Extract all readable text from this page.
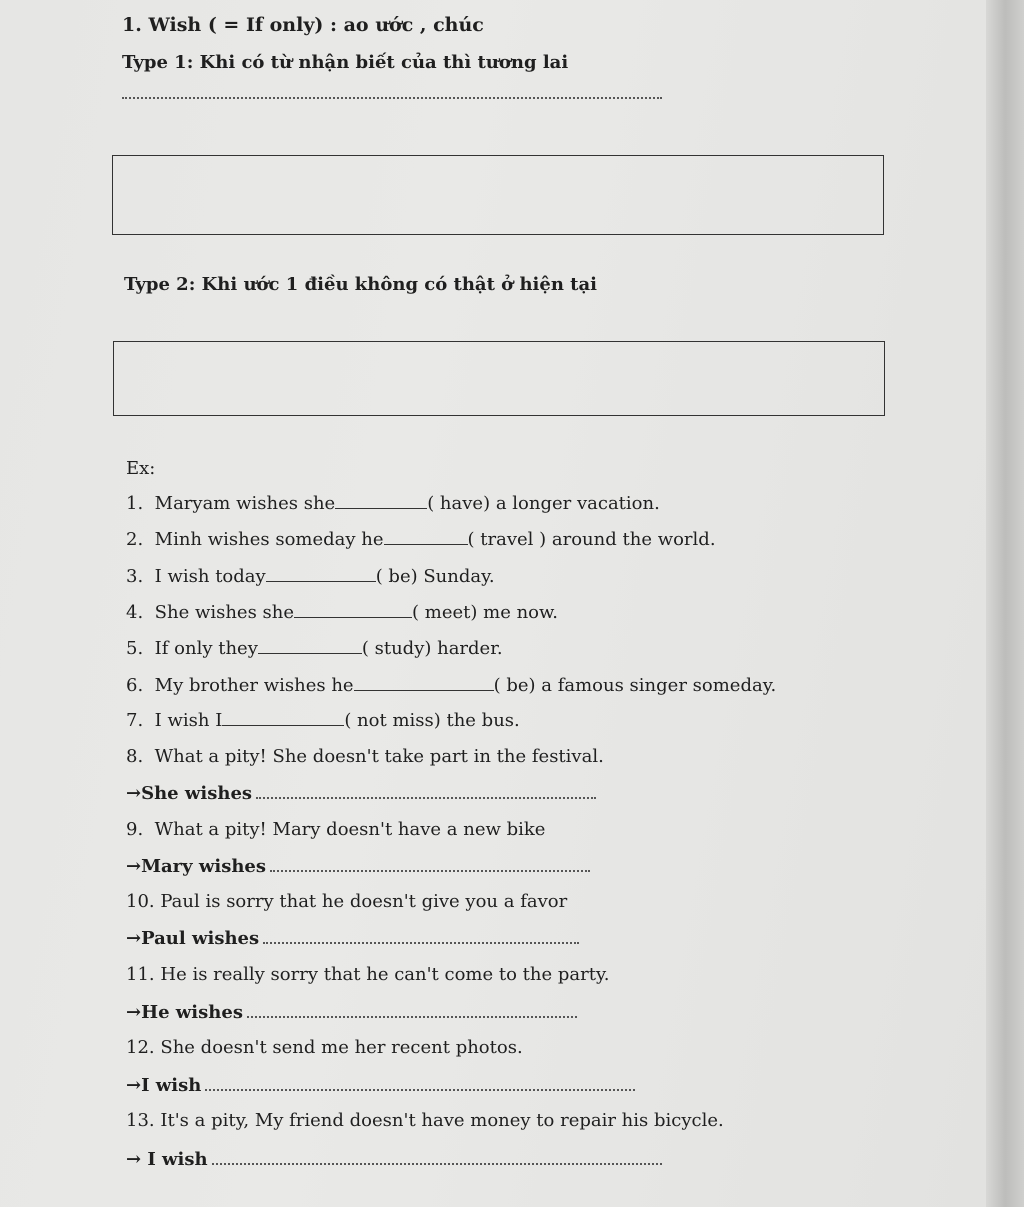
1. Wish ( = If only) : ao ước , chúc
Type 1: Khi có từ nhận biết của thì tương lai
Type 2: Khi ước 1 điều không có thật ở hiện tại
Ex:
1. Maryam wishes she	( have) a longer vacation.
2. Minh wishes someday he	( travel ) around the world.
3. I wish today	( be) Sunday.
4. She wishes she	( meet) me now.
5. If only they	( study) harder.
6. My brother wishes he	( be) a famous singer someday.
7. I wish I	( not miss) the bus.
8. What a pity! She doesn't take part in the festival.
→She wishes
9. What a pity! Mary doesn't have a new bike
→Mary wishes
10. Paul is sorry that he doesn't give you a favor
→Paul wishes
11. He is really sorry that he can't come to the party.
→He wishes
12. She doesn't send me her recent photos.
→I wish
13. It's a pity, My friend doesn't have money to repair his bicycle.
→ I wish
